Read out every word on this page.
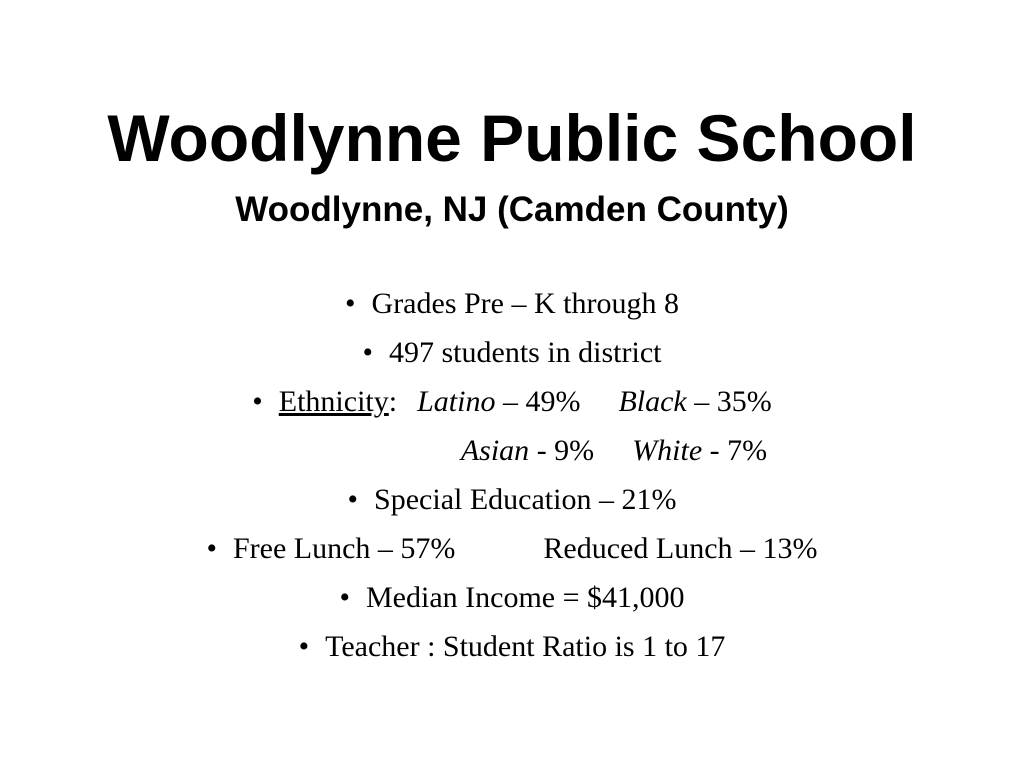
Woodlynne Public School
Woodlynne, NJ (Camden County)
• Grades Pre – K through 8
• 497 students in district
• Ethnicity: Latino – 49% Black – 35%
Asian - 9% White - 7%
• Special Education – 21%
• Free Lunch – 57%	Reduced Lunch – 13%
• Median Income = $41,000
• Teacher : Student Ratio is 1 to 17
